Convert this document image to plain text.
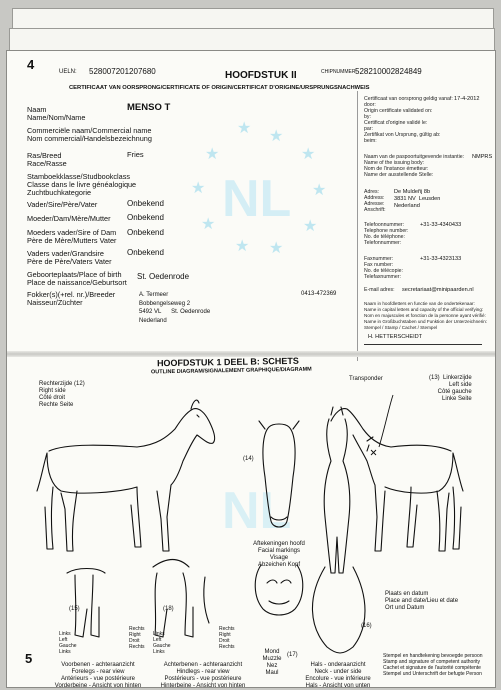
★ ★
★
★
★	★
★	★
★ ★
NL
NL
4	UELN: 528007201207680	HOOFDSTUK II	CHIPNUMMER:
528210002824849
CERTIFICAAT VAN OORSPRONG/CERTIFICATE OF ORIGIN/CERTIFICAT D'ORIGINE/URSPRUNGSNACHWEIS
Naam
Name/Nom/Name
MENSO T
Commerciële naam/Commercial name
Nom commercial/Handelsbezeichnung
Ras/Breed
Race/Rasse
Fries
Stamboekklasse/Studbookclass
Classe dans le livre généalogique
Zuchtbuchkategorie
Vader/Sire/Père/Vater	Onbekend
Moeder/Dam/Mère/Mutter Onbekend
Moeders vader/Sire of Dam
Père de Mère/Mutters Vater
Onbekend
Vaders vader/Grandsire
Père de Père/Vaters Vater
Onbekend
Geboorteplaats/Place of birth
Place de naissance/Geburtsort
St. Oedenrode
Fokker(s)(+rel. nr.)/Breeder
Naisseur/Züchter
A. Termeer
Bobbengelseweg 2
5492 VL      St. Oedenrode
Nederland
0413-472369
Certificaat van oorsprong geldig vanaf:
door:
Origin certificate validated on:
by:
Certificat d'origine validé le:
par:
Zertifikat von Ursprung, gültig ab:
beim:
17-4-2012
Naam van de paspoortuitgevende instantie:
Name of the issuing body:
Nom de l'instance émetteur:
Name der ausstellende Stelle:
NMPRS
Adres:
Address:
Adresse:
Anschrift:
De Muldeřij 8b
3831 NV  Leusden
Nederland
Telefoonnummer:
Telephone number:
No. de téléphone:
Telefonnummer:
+31-33-4340433
Faxnummer:
Fax number:
No. de télécopie:
Telefaxnummer:
+31-33-4323133
E-mail adres: secretariaat@minipaarden.nl
Naam in hoofdletters en functie van de ondertekenaar:
Name in capital letters and capacity of the official verifying:
Nom en majuscules et fonction de la personne ayant vérifié:
Name in Großbuchstaben und Funktion der Unterzeichnerin:
Stempel / Stamp / Cachet / Stempel
H. HETTERSCHEIDT
HOOFDSTUK 1 DEEL B: SCHETS
OUTLINE DIAGRAM/SIGNALEMENT GRAPHIQUE/DIAGRAMM
Rechterzijde (12)
Right side
Côté droit
Rechte Seite
(13)  Linkerzijde
Left side
Côté gauche
Linke Seite
Transponder
(14)
Aftekeningen hoofd
Facial markings
Visage
Abzeichen Kopf
(17)
Mond
Muzzle
Nez
Maul
(15)	(18)
(16)
Links
Left
Gauche
Links
Rechts
Right
Droit
Rechts
Links
Left
Gauche
Links
Rechts
Right
Droit
Rechts
Voorbenen - achteraanzicht
Forelegs - rear view
Antérieurs - vue postérieure
Vorderbeine - Ansicht von hinten
Achterbenen - achteraanzicht
Hindlegs - rear view
Postérieurs - vue postérieure
Hinterbeine - Ansicht von hinten
Hals - onderaanzicht
Neck - under side
Encolure - vue inférieure
Hals - Ansicht von unten
Plaats en datum
Place and date/Lieu et date
Ort und Datum
Stempel en handtekening bevoegde persoon
Stamp and signature of competent authority
Cachet et signature de l'autorité compétente
Stempel und Unterschrift der befugte Person
5
